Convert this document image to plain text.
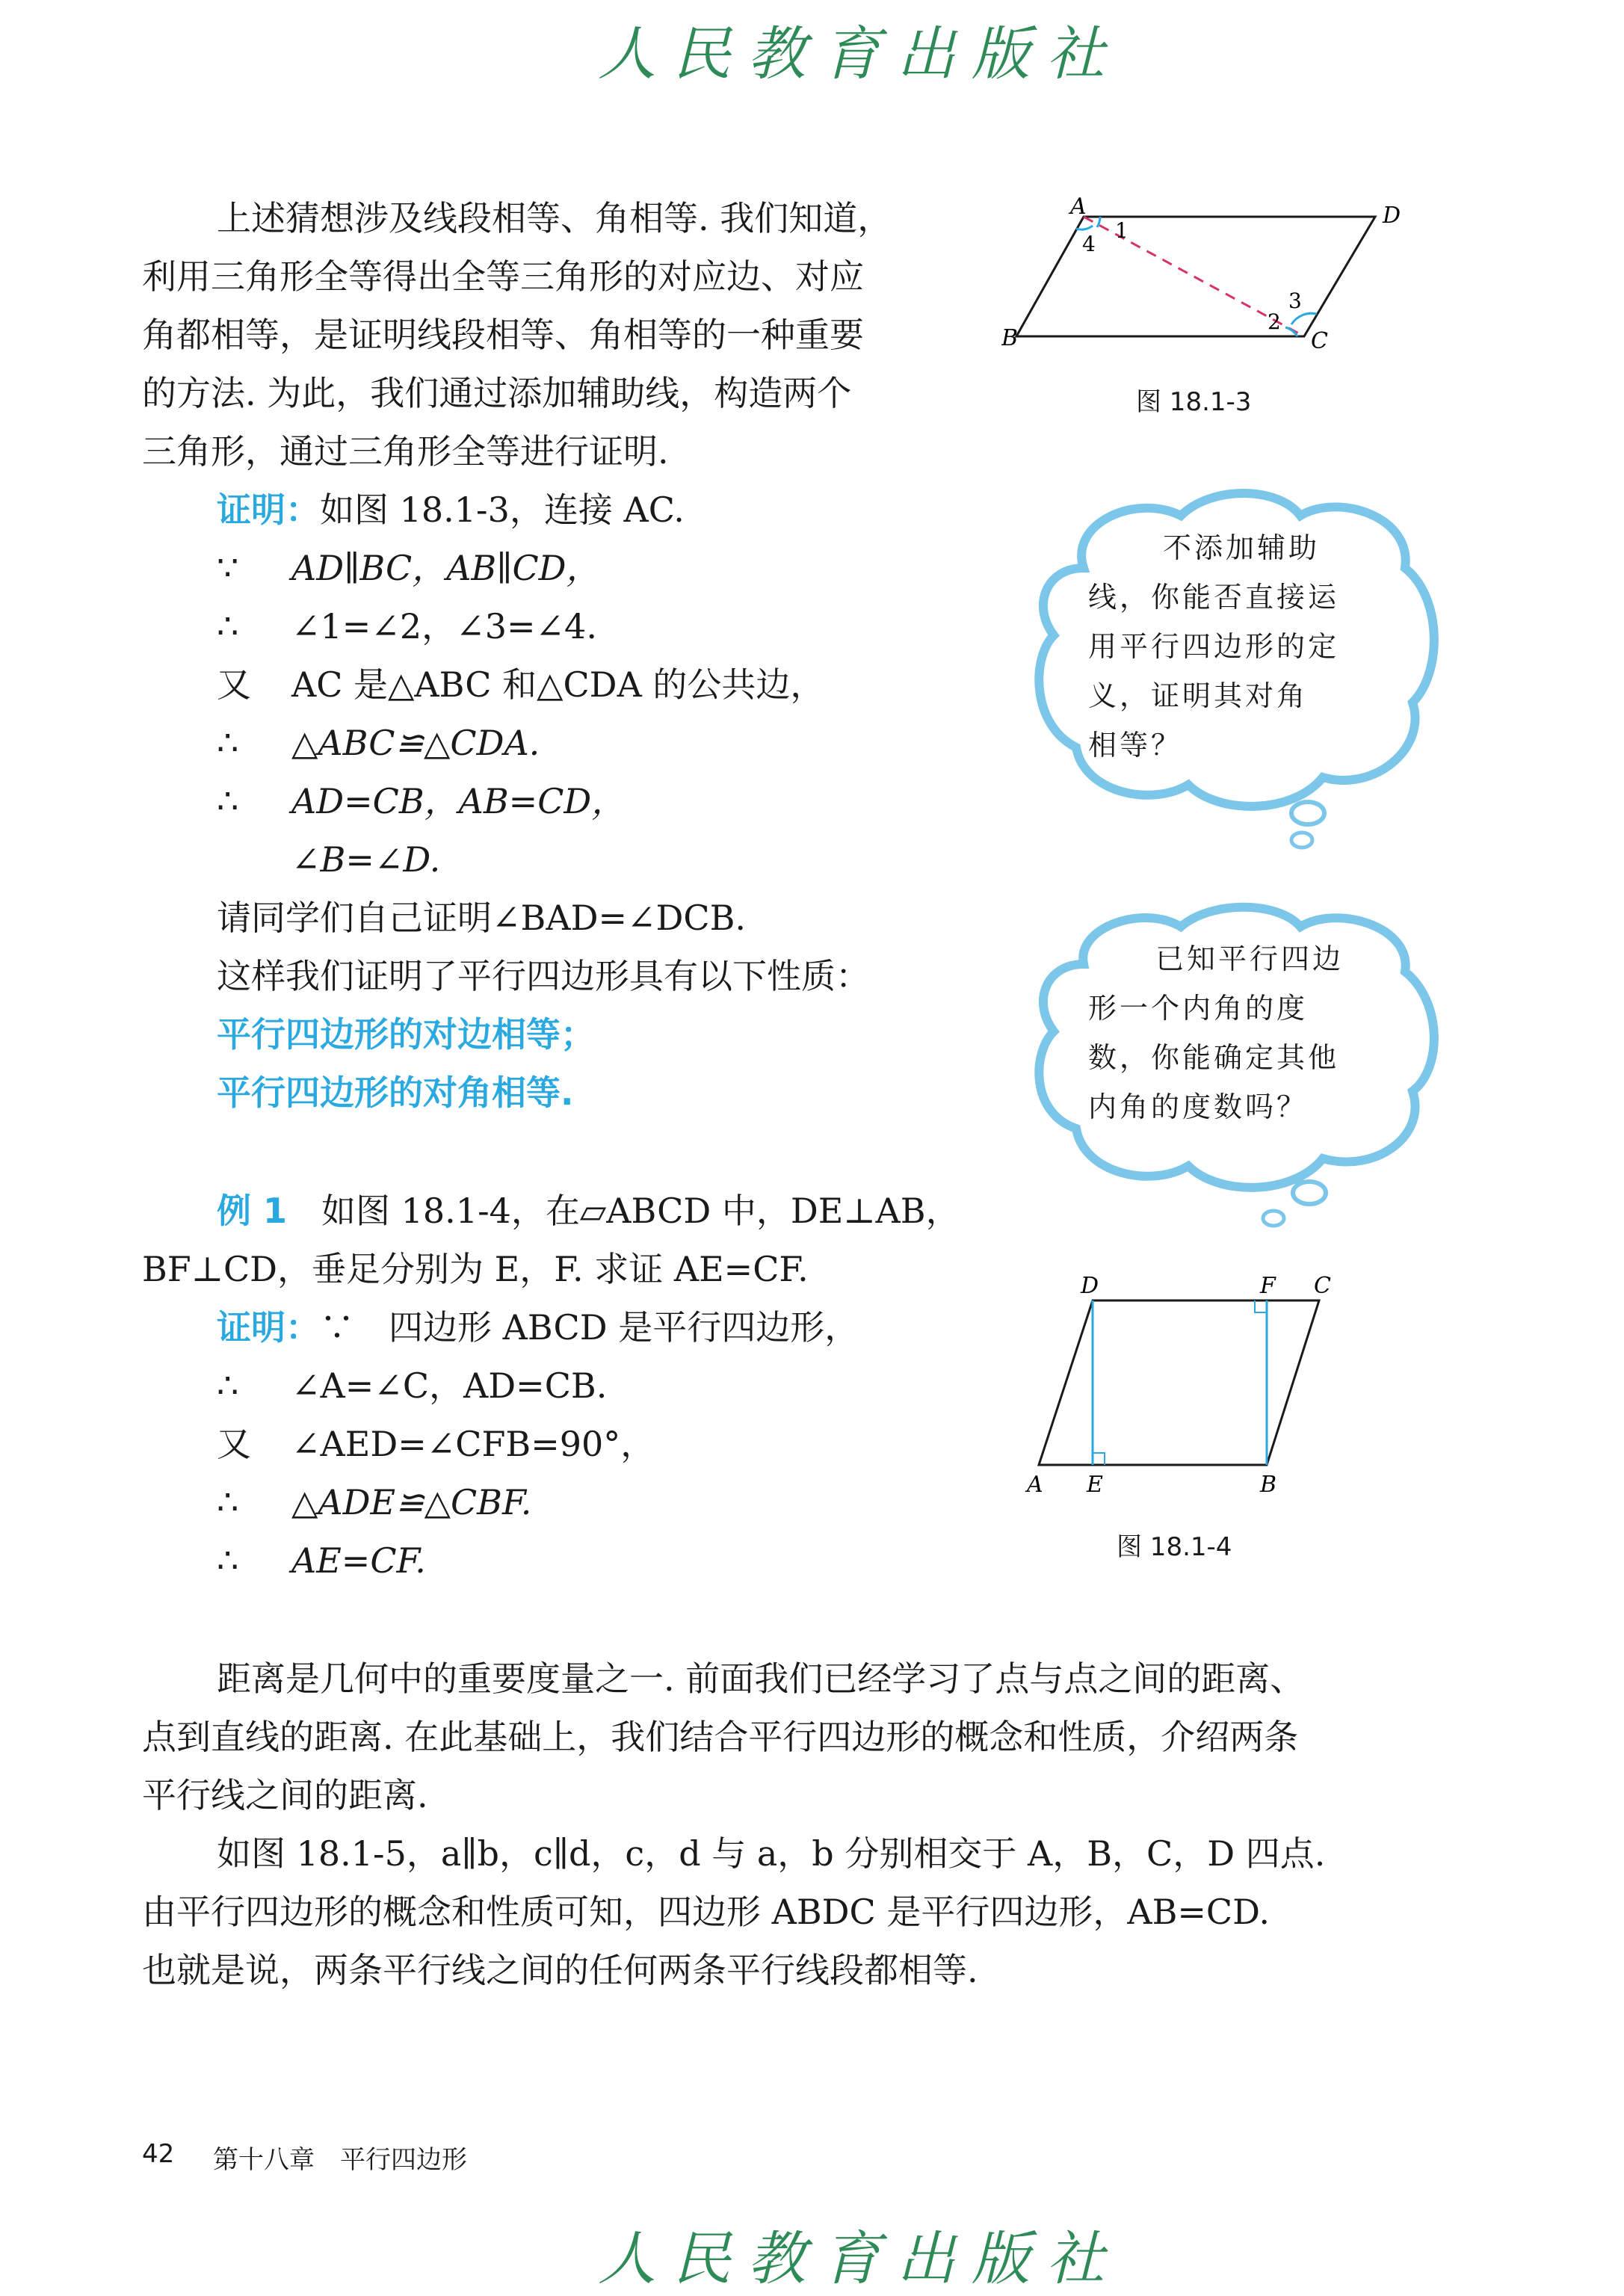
人民教育出版社
上述猜想涉及线段相等、角相等. 我们知道，
利用三角形全等得出全等三角形的对应边、对应
角都相等，是证明线段相等、角相等的一种重要
的方法. 为此，我们通过添加辅助线，构造两个
三角形，通过三角形全等进行证明.
证明：如图 18.1-3，连接 AC.
∵ AD∥BC，AB∥CD，
∴ ∠1=∠2，∠3=∠4.
又 AC 是△ABC 和△CDA 的公共边，
∴ △ABC≌△CDA.
∴ AD=CB，AB=CD，
∠B=∠D.
请同学们自己证明∠BAD=∠DCB.
这样我们证明了平行四边形具有以下性质：
平行四边形的对边相等；
平行四边形的对角相等.
例 1　 如图 18.1-4，在▱ABCD 中，DE⊥AB，
BF⊥CD，垂足分别为 E，F. 求证 AE=CF.
证明：∵　四边形 ABCD 是平行四边形，
∴ ∠A=∠C，AD=CB.
又 ∠AED=∠CFB=90°，
∴ △ADE≌△CBF.
∴ AE=CF.
距离是几何中的重要度量之一. 前面我们已经学习了点与点之间的距离、
点到直线的距离. 在此基础上，我们结合平行四边形的概念和性质，介绍两条
平行线之间的距离.
如图 18.1-5，a∥b，c∥d，c，d 与 a，b 分别相交于 A，B，C，D 四点.
由平行四边形的概念和性质可知，四边形 ABDC 是平行四边形，AB=CD.
也就是说，两条平行线之间的任何两条平行线段都相等.
A	D
B	C
1
4
2
3
图 18.1-3
不添加辅助
线，你能否直接运
用平行四边形的定
义，证明其对角
相等？
已知平行四边
形一个内角的度
数，你能确定其他
内角的度数吗？
D	F C
A E	B
图 18.1-4
42 第十八章　平行四边形
人民教育出版社
